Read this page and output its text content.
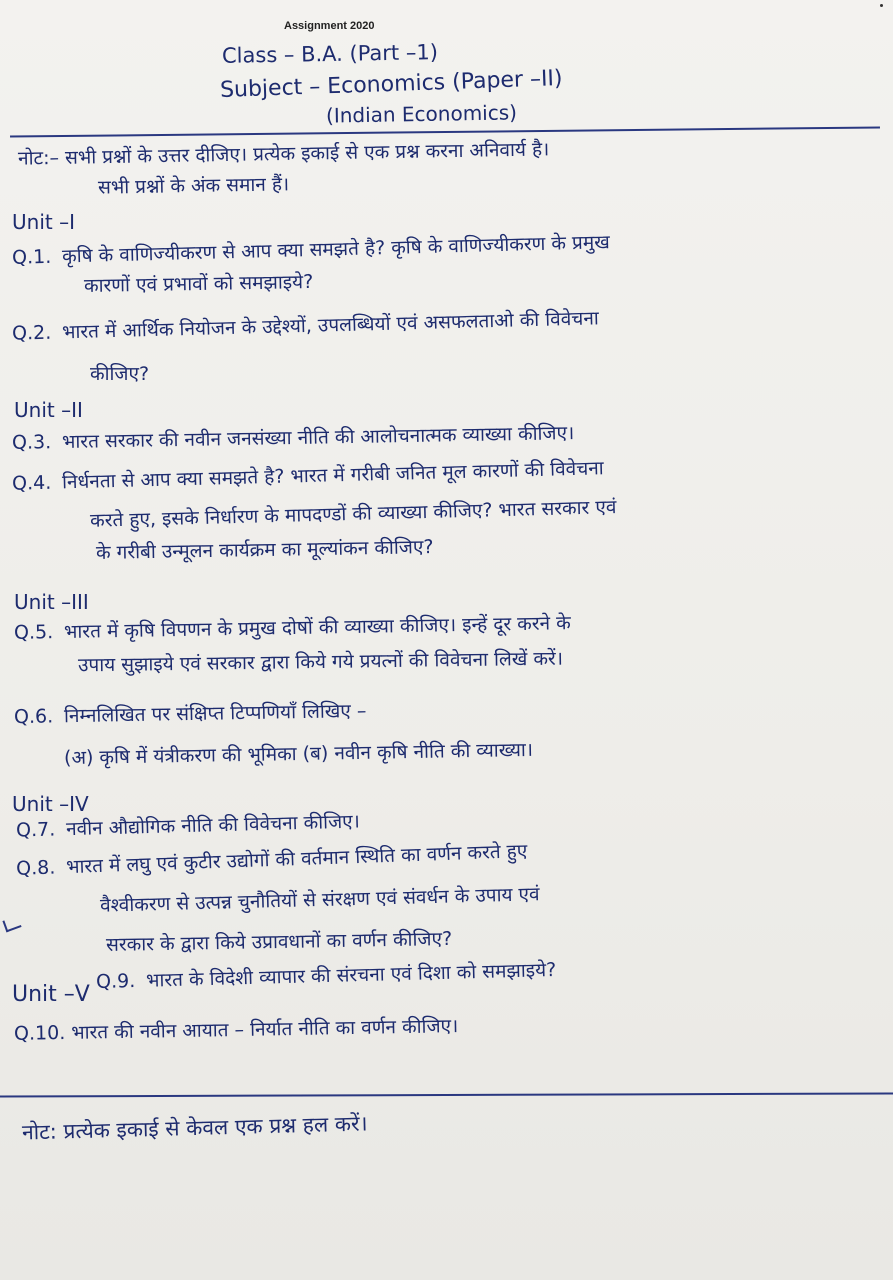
Assignment 2020
Class – B.A. (Part –1)
Subject – Economics (Paper –II)
(Indian Economics)
नोट:– सभी प्रश्नों के उत्तर दीजिए। प्रत्येक इकाई से एक प्रश्न करना अनिवार्य है।
सभी प्रश्नों के अंक समान हैं।
Unit –I
Q.1. कृषि के वाणिज्यीकरण से आप क्या समझते है? कृषि के वाणिज्यीकरण के प्रमुख
कारणों एवं प्रभावों को समझाइये?
Q.2. भारत में आर्थिक नियोजन के उद्देश्यों, उपलब्धियों एवं असफलताओ की विवेचना
कीजिए?
Unit –II
Q.3. भारत सरकार की नवीन जनसंख्या नीति की आलोचनात्मक व्याख्या कीजिए।
Q.4. निर्धनता से आप क्या समझते है? भारत में गरीबी जनित मूल कारणों की विवेचना
करते हुए, इसके निर्धारण के मापदण्डों की व्याख्या कीजिए? भारत सरकार एवं
के गरीबी उन्मूलन कार्यक्रम का मूल्यांकन कीजिए?
Unit –III
Q.5. भारत में कृषि विपणन के प्रमुख दोषों की व्याख्या कीजिए। इन्हें दूर करने के
उपाय सुझाइये एवं सरकार द्वारा किये गये प्रयत्नों की विवेचना लिखें करें।
Q.6. निम्नलिखित पर संक्षिप्त टिप्पणियाँ लिखिए –
(अ) कृषि में यंत्रीकरण की भूमिका (ब) नवीन कृषि नीति की व्याख्या।
Unit –IV
Q.7. नवीन औद्योगिक नीति की विवेचना कीजिए।
Q.8. भारत में लघु एवं कुटीर उद्योगों की वर्तमान स्थिति का वर्णन करते हुए
वैश्वीकरण से उत्पन्न चुनौतियों से संरक्षण एवं संवर्धन के उपाय एवं
सरकार के द्वारा किये उप्रावधानों का वर्णन कीजिए?
Unit –V
Q.9. भारत के विदेशी व्यापार की संरचना एवं दिशा को समझाइये?
Q.10. भारत की नवीन आयात – निर्यात नीति का वर्णन कीजिए।
नोट: प्रत्येक इकाई से केवल एक प्रश्न हल करें।
